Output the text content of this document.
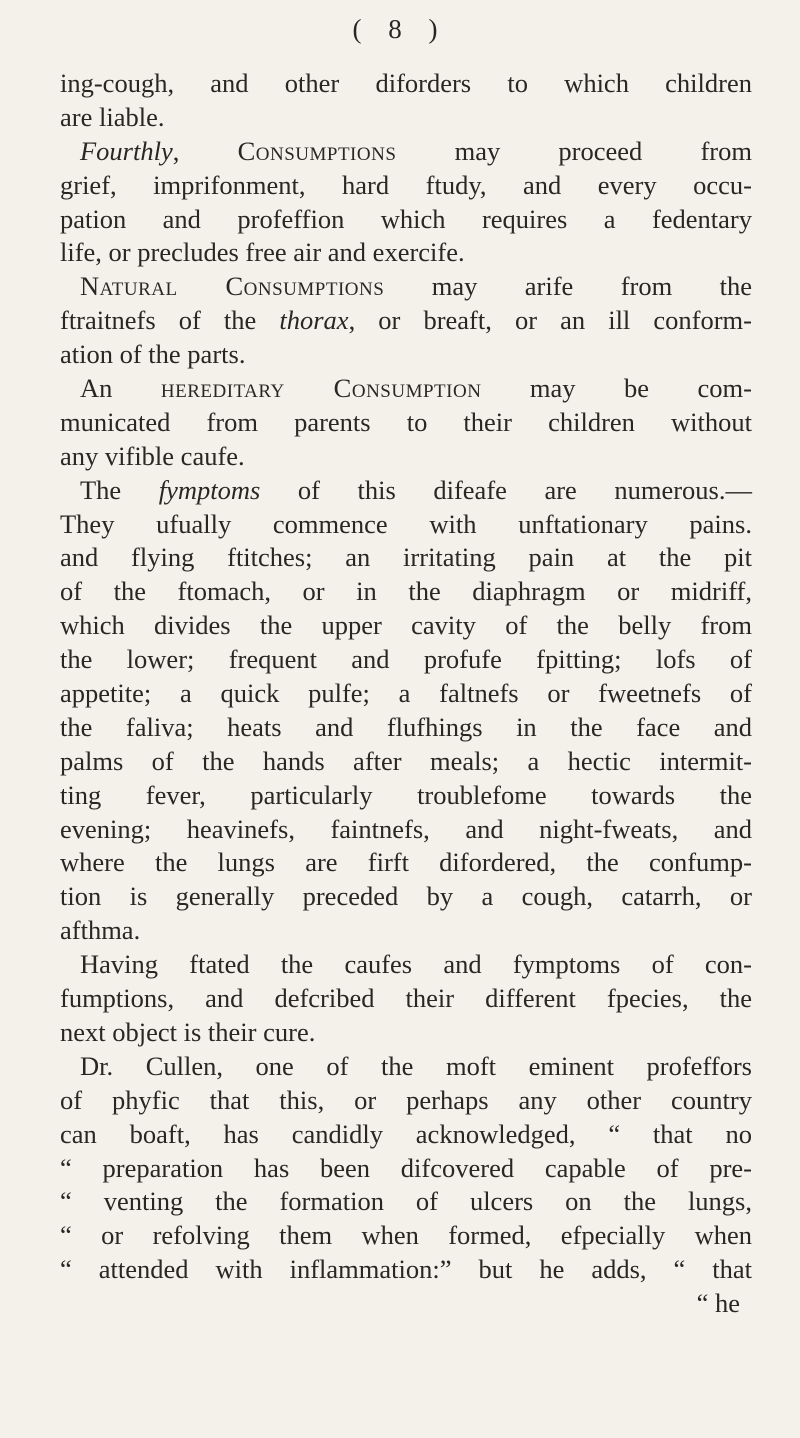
( 8 )
ing-cough, and other diforders to which children
are liable.
Fourthly, Consumptions may proceed from
grief, imprifonment, hard ftudy, and every occu-
pation and profeffion which requires a fedentary
life, or precludes free air and exercife.
Natural Consumptions may arife from the
ftraitnefs of the thorax, or breaft, or an ill conform-
ation of the parts.
An hereditary Consumption may be com-
municated from parents to their children without
any vifible caufe.
The fymptoms of this difeafe are numerous.—
They ufually commence with unftationary pains.
and flying ftitches; an irritating pain at the pit
of the ftomach, or in the diaphragm or midriff,
which divides the upper cavity of the belly from
the lower; frequent and profufe fpitting; lofs of
appetite; a quick pulfe; a faltnefs or fweetnefs of
the faliva; heats and flufhings in the face and
palms of the hands after meals; a hectic intermit-
ting fever, particularly troublefome towards the
evening; heavinefs, faintnefs, and night-fweats, and
where the lungs are firft difordered, the confump-
tion is generally preceded by a cough, catarrh, or
afthma.
Having ftated the caufes and fymptoms of con-
fumptions, and defcribed their different fpecies, the
next object is their cure.
Dr. Cullen, one of the moft eminent profeffors
of phyfic that this, or perhaps any other country
can boaft, has candidly acknowledged, “ that no
“ preparation has been difcovered capable of pre-
“ venting the formation of ulcers on the lungs,
“ or refolving them when formed, efpecially when
“ attended with inflammation:” but he adds, “ that
“ he
